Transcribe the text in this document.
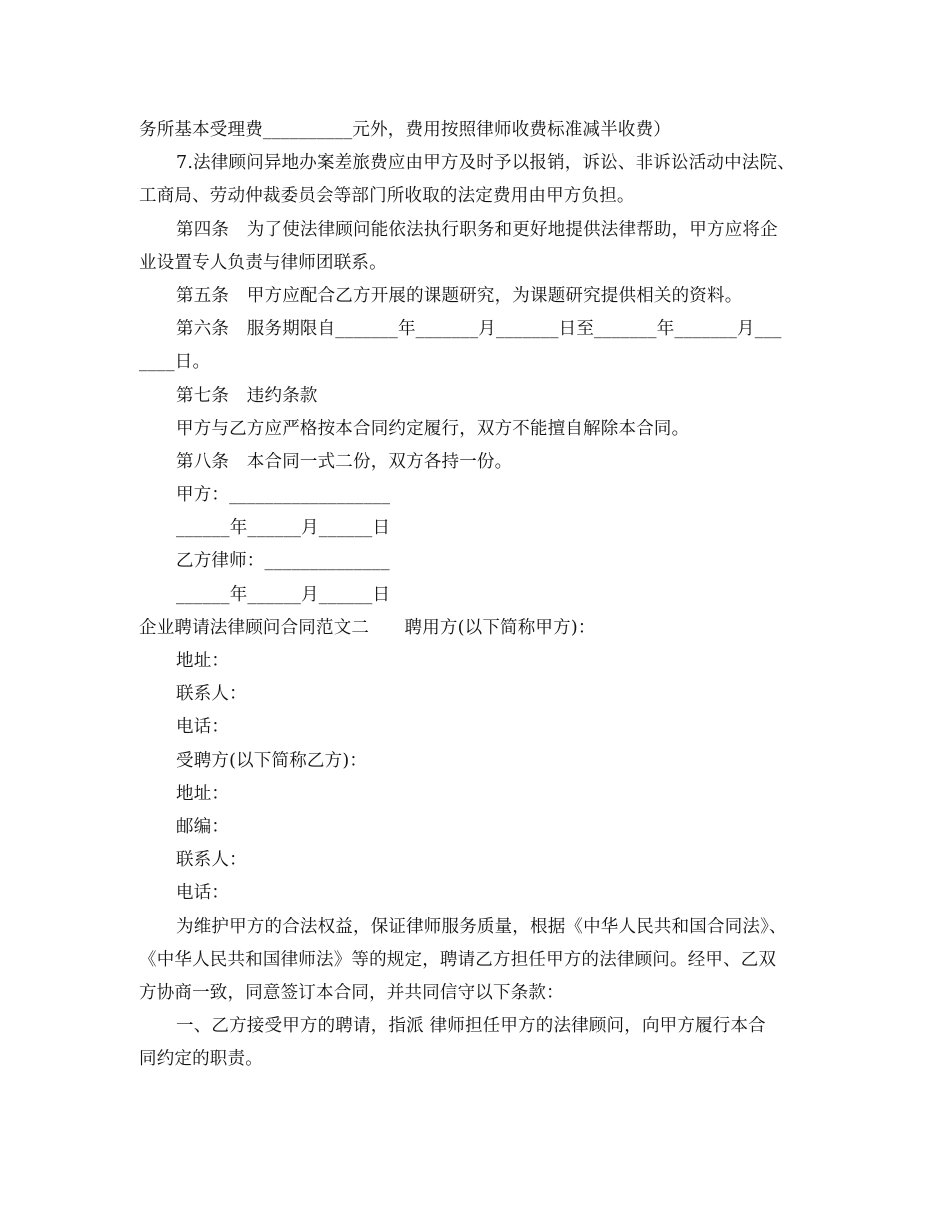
务所基本受理费__________元外，费用按照律师收费标准减半收费）
7.法律顾问异地办案差旅费应由甲方及时予以报销，诉讼、非诉讼活动中法院、
工商局、劳动仲裁委员会等部门所收取的法定费用由甲方负担。
第四条　为了使法律顾问能依法执行职务和更好地提供法律帮助，甲方应将企
业设置专人负责与律师团联系。
第五条　甲方应配合乙方开展的课题研究，为课题研究提供相关的资料。
第六条　服务期限自_______年_______月_______日至_______年_______月___
____日。
第七条　违约条款
甲方与乙方应严格按本合同约定履行，双方不能擅自解除本合同。
第八条　本合同一式二份，双方各持一份。
甲方：__________________
______年______月______日
乙方律师：______________
______年______月______日
企业聘请法律顾问合同范文二　　聘用方(以下简称甲方)：
地址：
联系人：
电话：
受聘方(以下简称乙方)：
地址：
邮编：
联系人：
电话：
为维护甲方的合法权益，保证律师服务质量，根据《中华人民共和国合同法》、
《中华人民共和国律师法》等的规定，聘请乙方担任甲方的法律顾问。经甲、乙双
方协商一致，同意签订本合同，并共同信守以下条款：
一、乙方接受甲方的聘请，指派 律师担任甲方的法律顾问，向甲方履行本合
同约定的职责。
